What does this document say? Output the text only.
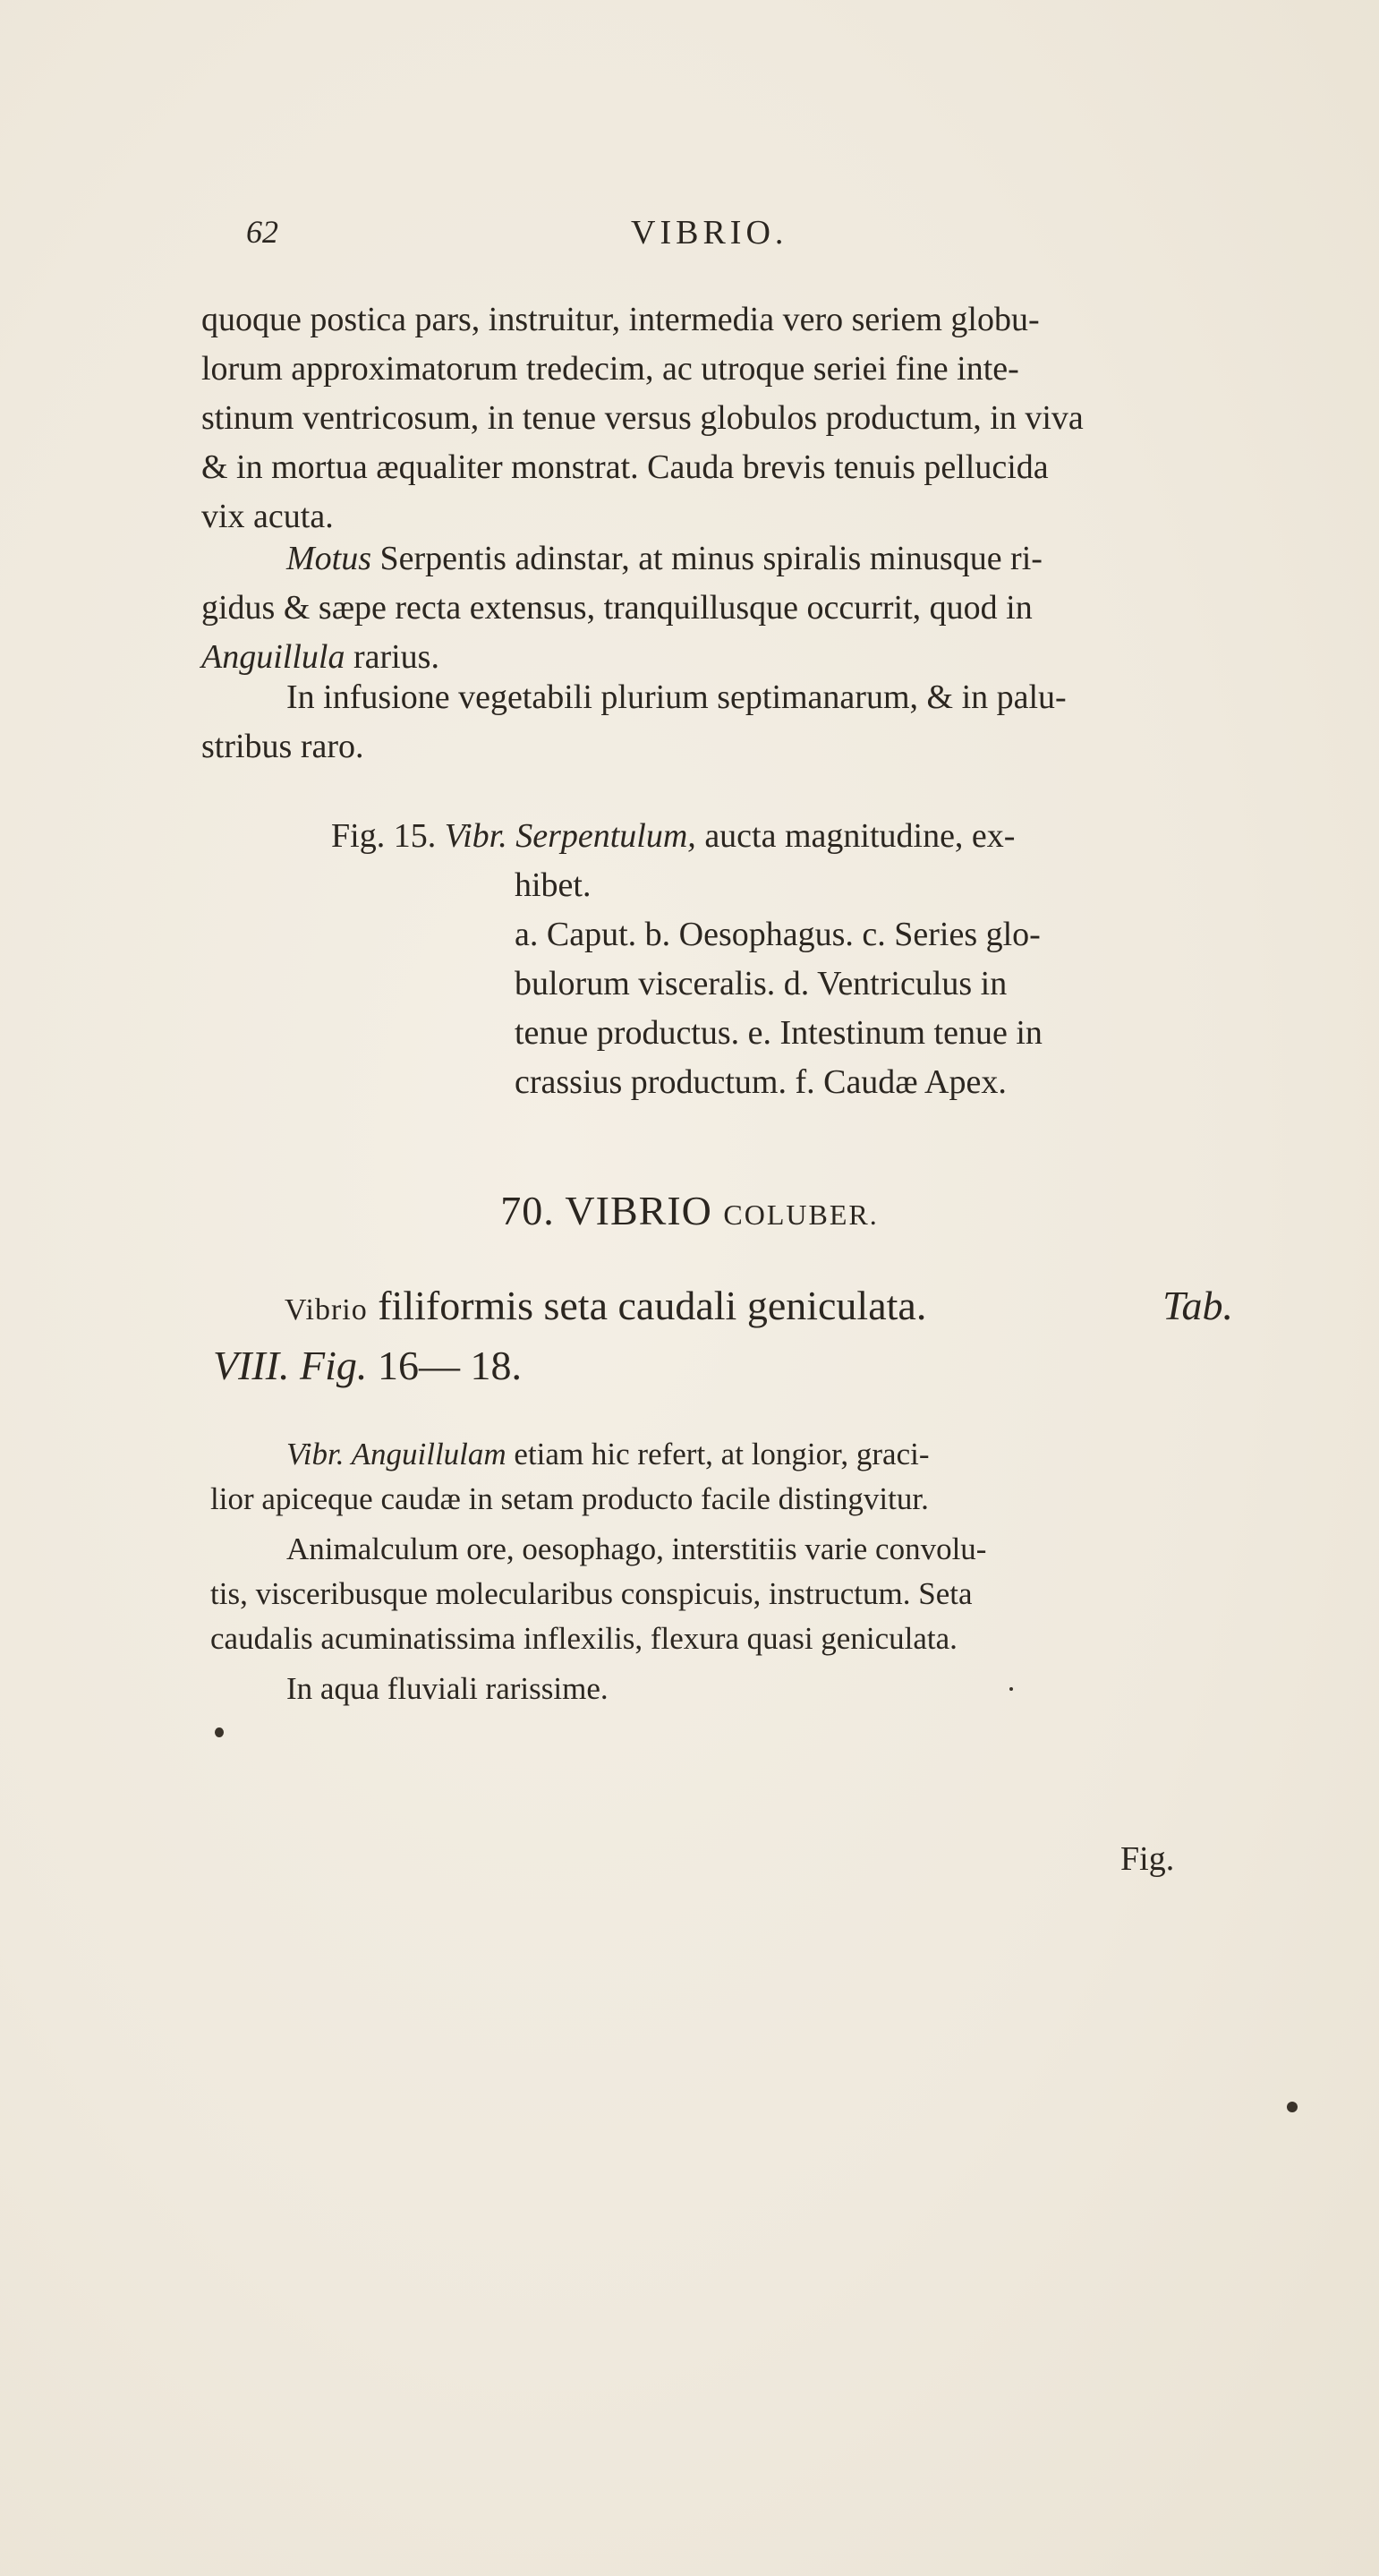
​
62	VIBRIO.
quoque postica pars, instruitur, intermedia vero seriem globu-
lorum approximatorum tredecim, ac utroque seriei fine inte-
stinum ventricosum, in tenue versus globulos productum, in viva
& in mortua æqualiter monstrat. Cauda brevis tenuis pellucida
vix acuta.
Motus Serpentis adinstar, at minus spiralis minusque ri-
gidus & sæpe recta extensus, tranquillusque occurrit, quod in
Anguillula rarius.
In infusione vegetabili plurium septimanarum, & in palu-
stribus raro.
Fig. 15. Vibr. Serpentulum, aucta magnitudine, ex-
hibet.
a. Caput. b. Oesophagus. c. Series glo-
bulorum visceralis. d. Ventriculus in
tenue productus. e. Intestinum tenue in
crassius productum. f. Caudæ Apex.
70. VIBRIO COLUBER.
Vibrio filiformis seta caudali geniculata.	Tab.
VIII. Fig. 16— 18.
Vibr. Anguillulam etiam hic refert, at longior, graci-
lior apiceque caudæ in setam producto facile distingvitur.
Animalculum ore, oesophago, interstitiis varie convolu-
tis, visceribusque molecularibus conspicuis, instructum. Seta
caudalis acuminatissima inflexilis, flexura quasi geniculata.
In aqua fluviali rarissime.
Fig.
